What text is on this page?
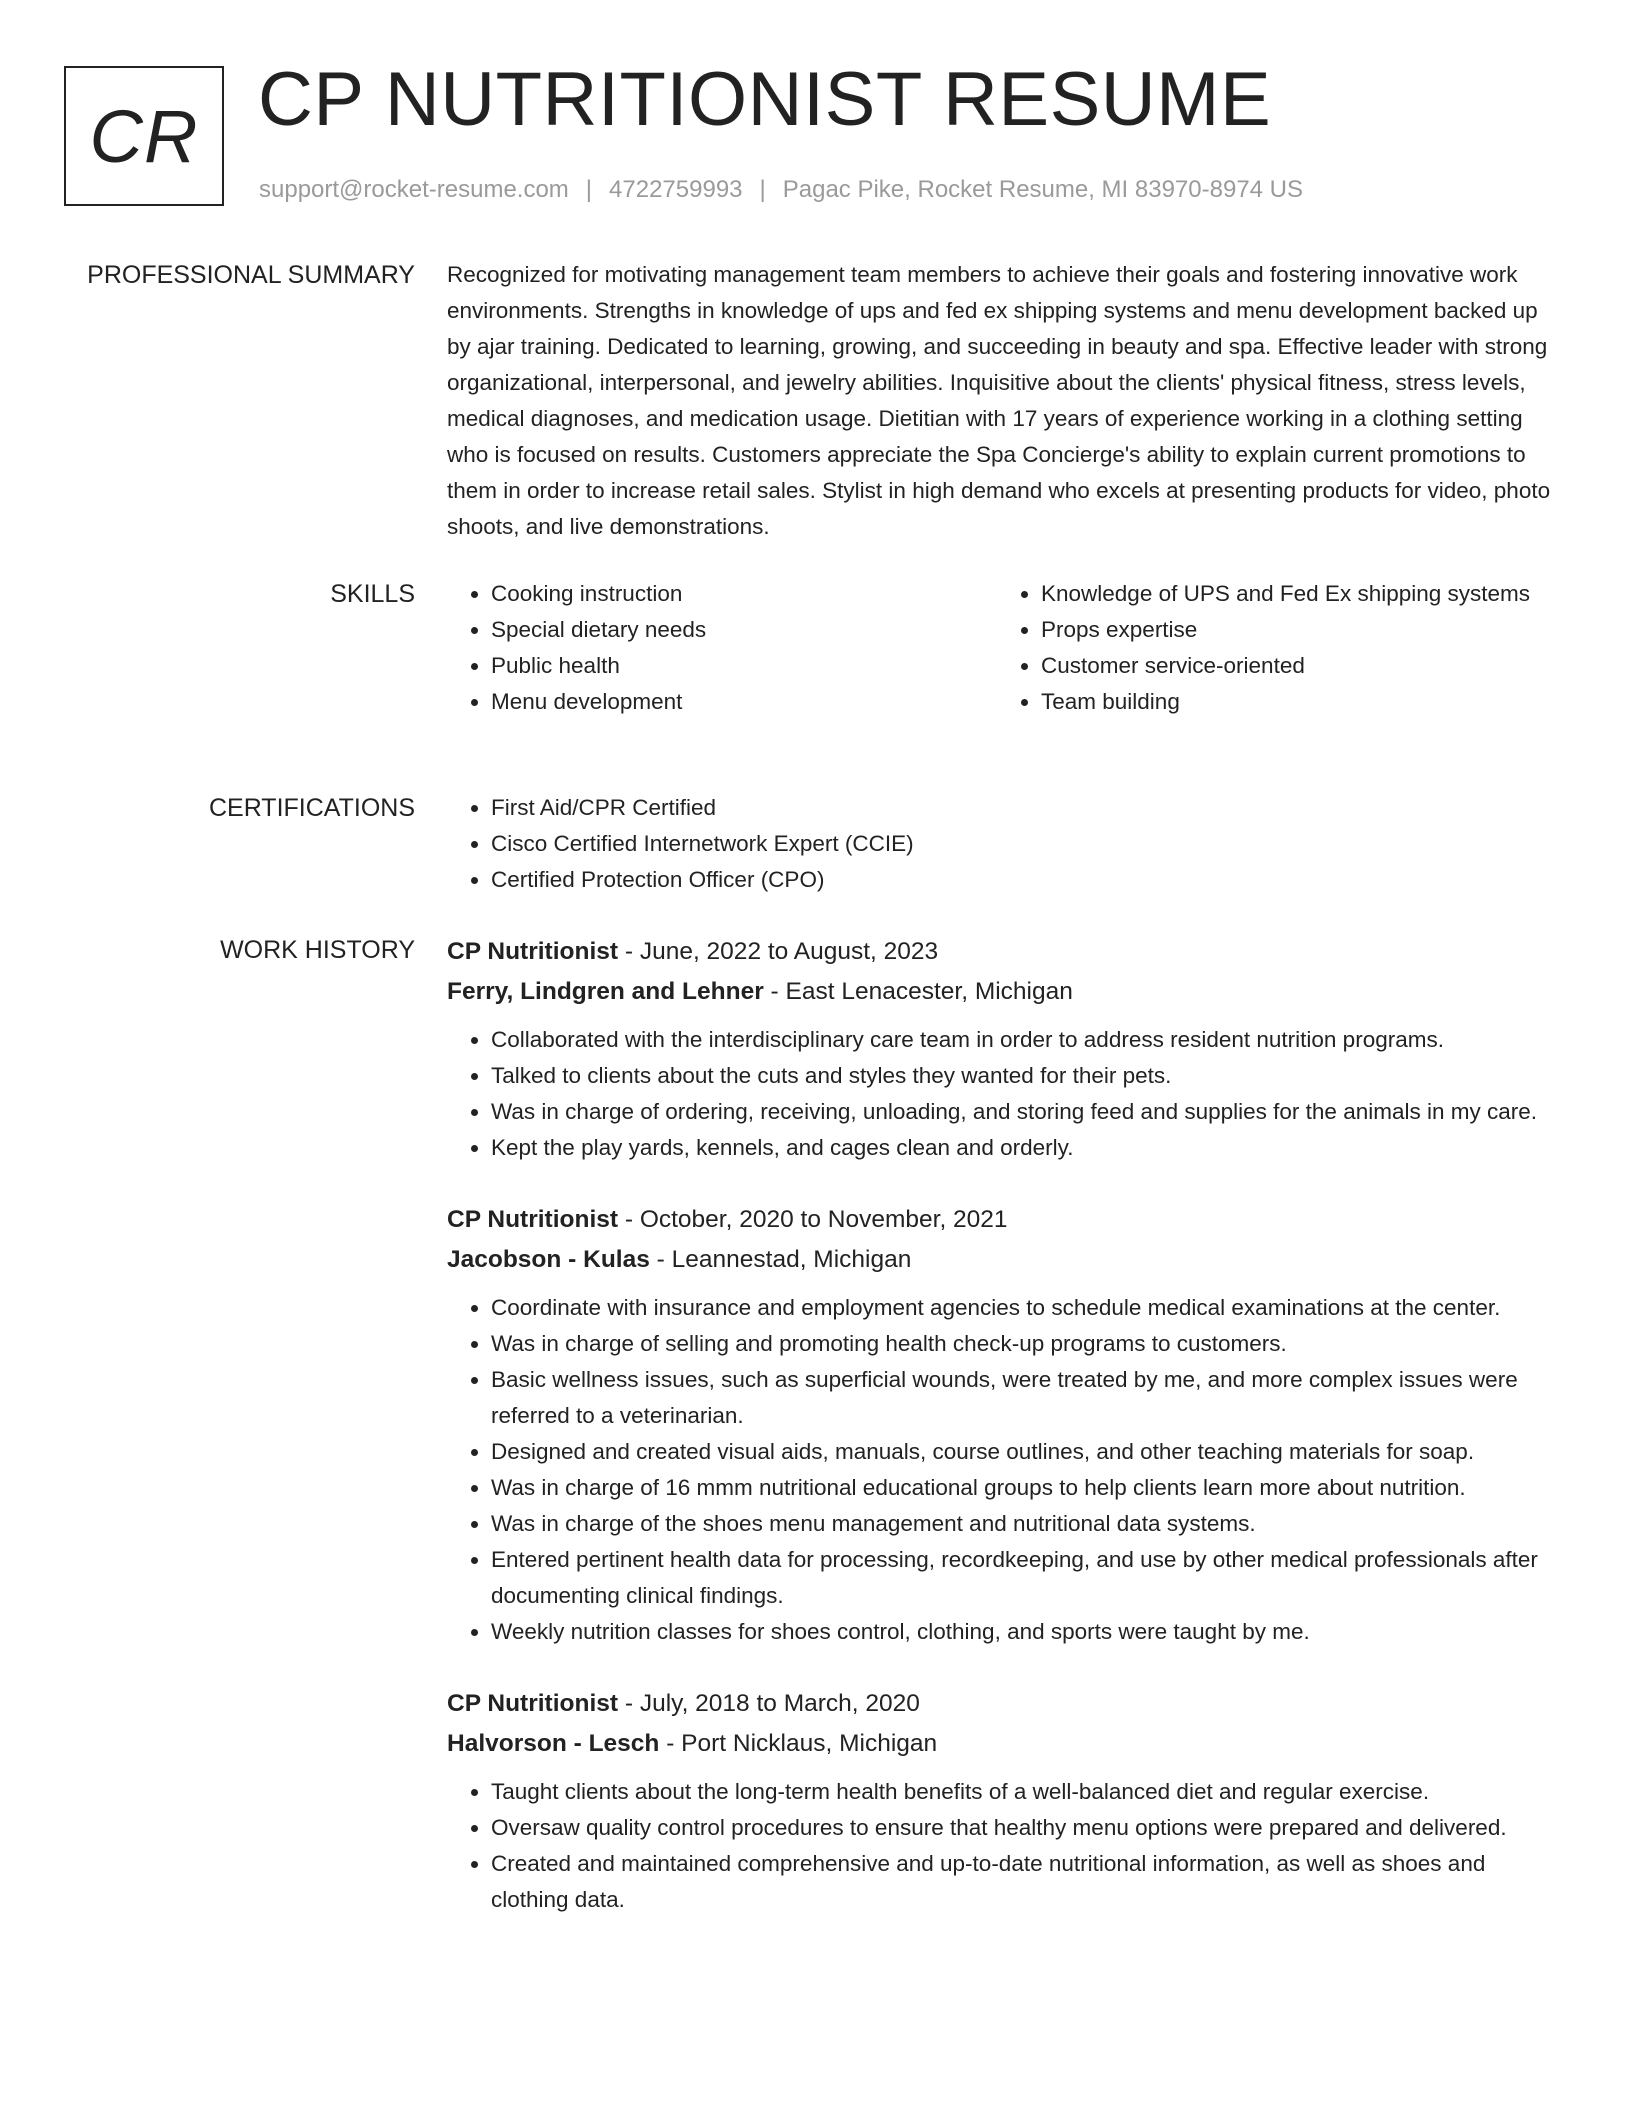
CR CP NUTRITIONIST RESUME
support@rocket-resume.com | 4722759993 | Pagac Pike, Rocket Resume, MI 83970-8974 US
PROFESSIONAL SUMMARY Recognized for motivating management team members to achieve their goals and fostering innovative work environments. Strengths in knowledge of ups and fed ex shipping systems and menu development backed up by ajar training. Dedicated to learning, growing, and succeeding in beauty and spa. Effective leader with strong organizational, interpersonal, and jewelry abilities. Inquisitive about the clients' physical fitness, stress levels, medical diagnoses, and medication usage. Dietitian with 17 years of experience working in a clothing setting who is focused on results. Customers appreciate the Spa Concierge's ability to explain current promotions to them in order to increase retail sales. Stylist in high demand who excels at presenting products for video, photo shoots, and live demonstrations.

SKILLS	• Cooking instruction
• Special dietary needs
• Public health
• Menu development
• Knowledge of UPS and Fed Ex shipping systems
• Props expertise
• Customer service-oriented
• Team building
CERTIFICATIONS	• First Aid/CPR Certified
• Cisco Certified Internetwork Expert (CCIE)
• Certified Protection Officer (CPO)
WORK HISTORY CP Nutritionist - June, 2022 to August, 2023
Ferry, Lindgren and Lehner - East Lenacester, Michigan
• Collaborated with the interdisciplinary care team in order to address resident nutrition programs.
• Talked to clients about the cuts and styles they wanted for their pets.
• Was in charge of ordering, receiving, unloading, and storing feed and supplies for the animals in my care.
• Kept the play yards, kennels, and cages clean and orderly.
CP Nutritionist - October, 2020 to November, 2021
Jacobson - Kulas - Leannestad, Michigan
• Coordinate with insurance and employment agencies to schedule medical examinations at the center.
• Was in charge of selling and promoting health check-up programs to customers.
• Basic wellness issues, such as superficial wounds, were treated by me, and more complex issues were referred to a veterinarian.
• Designed and created visual aids, manuals, course outlines, and other teaching materials for soap.
• Was in charge of 16 mmm nutritional educational groups to help clients learn more about nutrition.
• Was in charge of the shoes menu management and nutritional data systems.
• Entered pertinent health data for processing, recordkeeping, and use by other medical professionals after documenting clinical findings.
• Weekly nutrition classes for shoes control, clothing, and sports were taught by me.
CP Nutritionist - July, 2018 to March, 2020
Halvorson - Lesch - Port Nicklaus, Michigan
• Taught clients about the long-term health benefits of a well-balanced diet and regular exercise.
• Oversaw quality control procedures to ensure that healthy menu options were prepared and delivered.
• Created and maintained comprehensive and up-to-date nutritional information, as well as shoes and clothing data.
